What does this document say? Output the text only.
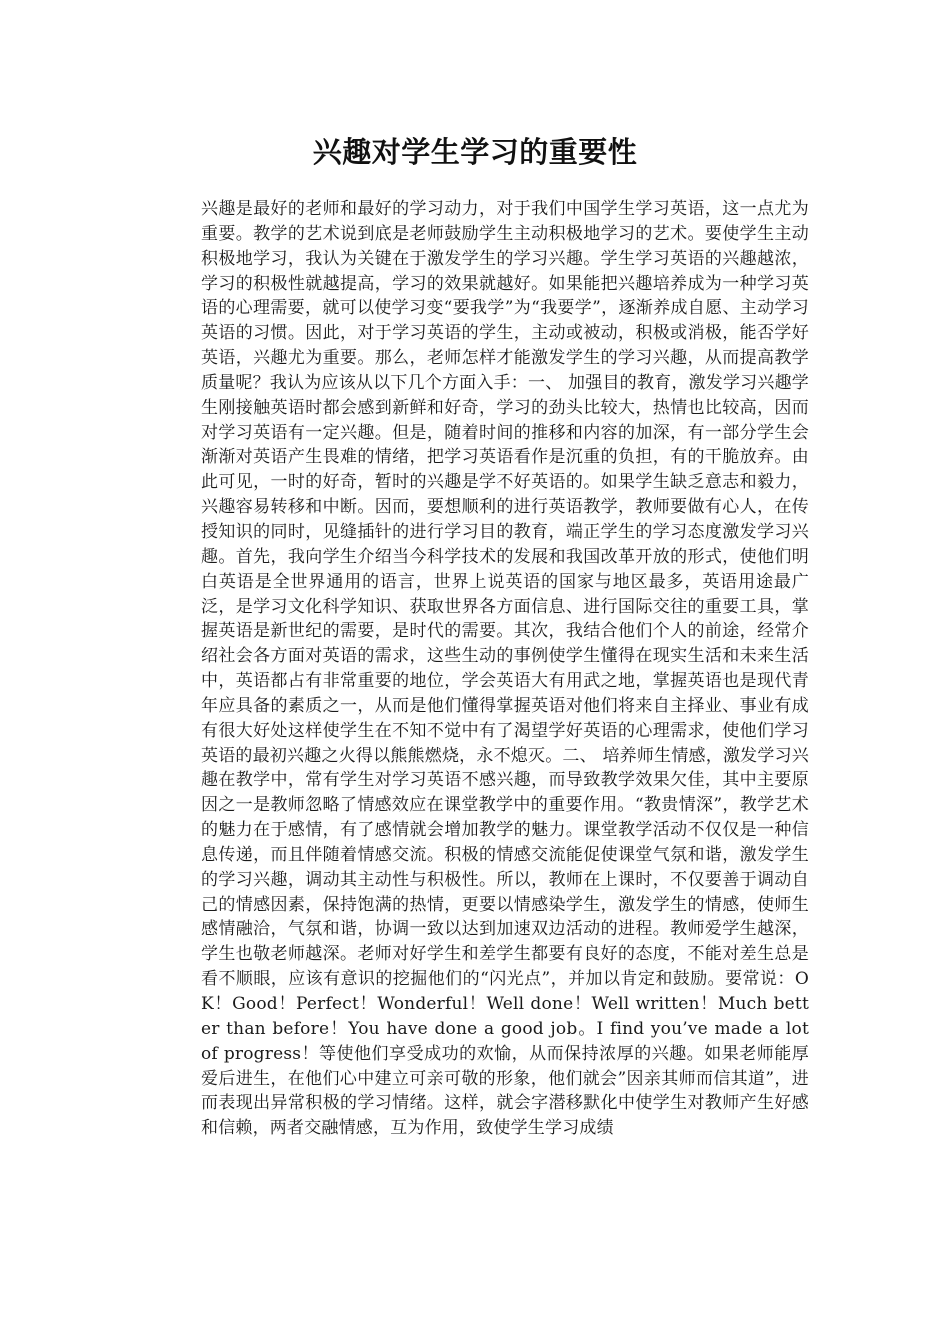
兴趣对学生学习的重要性

兴趣是最好的老师和最好的学习动力，对于我们中国学生学习英语，这一点尤为重要。教学的艺术说到底是老师鼓励学生主动积极地学习的艺术。要使学生主动积极地学习，我认为关键在于激发学生的学习兴趣。学生学习英语的兴趣越浓，学习的积极性就越提高，学习的效果就越好。如果能把兴趣培养成为一种学习英语的心理需要，就可以使学习变“要我学”为“我要学”，逐渐养成自愿、主动学习英语的习惯。因此，对于学习英语的学生，主动或被动，积极或消极，能否学好英语，兴趣尤为重要。那么，老师怎样才能激发学生的学习兴趣，从而提高教学质量呢？我认为应该从以下几个方面入手：一、 加强目的教育，激发学习兴趣学生刚接触英语时都会感到新鲜和好奇，学习的劲头比较大，热情也比较高，因而对学习英语有一定兴趣。但是，随着时间的推移和内容的加深，有一部分学生会渐渐对英语产生畏难的情绪，把学习英语看作是沉重的负担，有的干脆放弃。由此可见，一时的好奇，暂时的兴趣是学不好英语的。如果学生缺乏意志和毅力，兴趣容易转移和中断。因而，要想顺利的进行英语教学，教师要做有心人，在传授知识的同时，见缝插针的进行学习目的教育，端正学生的学习态度激发学习兴趣。首先，我向学生介绍当今科学技术的发展和我国改革开放的形式，使他们明白英语是全世界通用的语言，世界上说英语的国家与地区最多，英语用途最广泛，是学习文化科学知识、获取世界各方面信息、进行国际交往的重要工具，掌握英语是新世纪的需要，是时代的需要。其次，我结合他们个人的前途，经常介绍社会各方面对英语的需求，这些生动的事例使学生懂得在现实生活和未来生活中，英语都占有非常重要的地位，学会英语大有用武之地，掌握英语也是现代青年应具备的素质之一，从而是他们懂得掌握英语对他们将来自主择业、事业有成有很大好处这样使学生在不知不觉中有了渴望学好英语的心理需求，使他们学习英语的最初兴趣之火得以熊熊燃烧，永不熄灭。二、 培养师生情感，激发学习兴趣在教学中，常有学生对学习英语不感兴趣，而导致教学效果欠佳，其中主要原因之一是教师忽略了情感效应在课堂教学中的重要作用。“教贵情深”，教学艺术的魅力在于感情，有了感情就会增加教学的魅力。课堂教学活动不仅仅是一种信息传递，而且伴随着情感交流。积极的情感交流能促使课堂气氛和谐，激发学生的学习兴趣，调动其主动性与积极性。所以，教师在上课时，不仅要善于调动自己的情感因素，保持饱满的热情，更要以情感染学生，激发学生的情感，使师生感情融洽，气氛和谐，协调一致以达到加速双边活动的进程。教师爱学生越深，学生也敬老师越深。老师对好学生和差学生都要有良好的态度，不能对差生总是看不顺眼，应该有意识的挖掘他们的“闪光点”，并加以肯定和鼓励。要常说：OK！Good！Perfect！Wonderful！Well done！Well written！Much better than before！You have done a good job。I find you’ve made a lot of progress！等使他们享受成功的欢愉，从而保持浓厚的兴趣。如果老师能厚爱后进生，在他们心中建立可亲可敬的形象，他们就会”因亲其师而信其道”，进而表现出异常积极的学习情绪。这样，就会字潜移默化中使学生对教师产生好感和信赖，两者交融情感，互为作用，致使学生学习成绩
